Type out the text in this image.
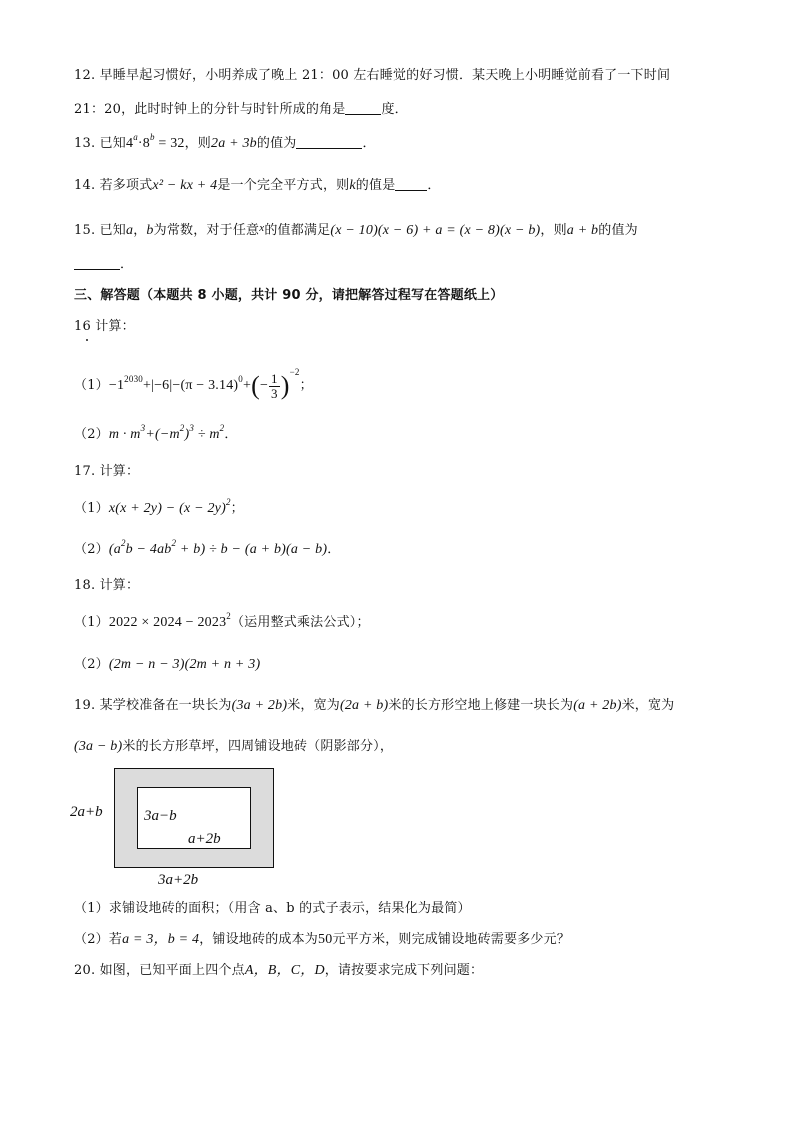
12. 早睡早起习惯好，小明养成了晚上 21：00 左右睡觉的好习惯．某天晚上小明睡觉前看了一下时间
21：20，此时时钟上的分针与时针所成的角是	度．
13. 已知$4^a\cdot 8^b = 32$，则2a + 3b的值为	．
14. 若多项式x² − kx + 4是一个完全平方式，则k的值是 ．
15. 已知a，b为常数，对于任意$^x$的值都满足(x − 10)(x − 6) + a = (x − 8)(x − b)，则a + b的值为
．
三、解答题（本题共 8 小题，共计 90 分，请把解答过程写在答题纸上）
16 计算：
$(1)-1^{2030}+|-6|-(\pi - 3.14)^0+(- \frac{1}{3} )^{-2}$；
$(2)m \cdot m^3+(-m^2)^3 \div m^2$．
17. 计算：
$(1)x(x + 2y) - (x - 2y)^2$；
$(2)(a^2b - 4ab^2 + b) \div b - (a + b)(a - b)$．
18. 计算：
$(1)2022 \times 2024 - 2023^2$（运用整式乘法公式）；
（2）(2m − n − 3)(2m + n + 3)
19. 某学校准备在一块长为(3a + 2b)米，宽为(2a + b)米的长方形空地上修建一块长为(a + 2b)米，宽为
(3a − b)米的长方形草坪，四周铺设地砖（阴影部分），
3a−b
a+2b
2a+b
3a+2b
（1）求铺设地砖的面积；（用含 a、b 的式子表示，结果化为最简）
（2）若a = 3，b = 4，铺设地砖的成本为50元平方米，则完成铺设地砖需要多少元？
20. 如图，已知平面上四个点A，B，C，D，请按要求完成下列问题：
